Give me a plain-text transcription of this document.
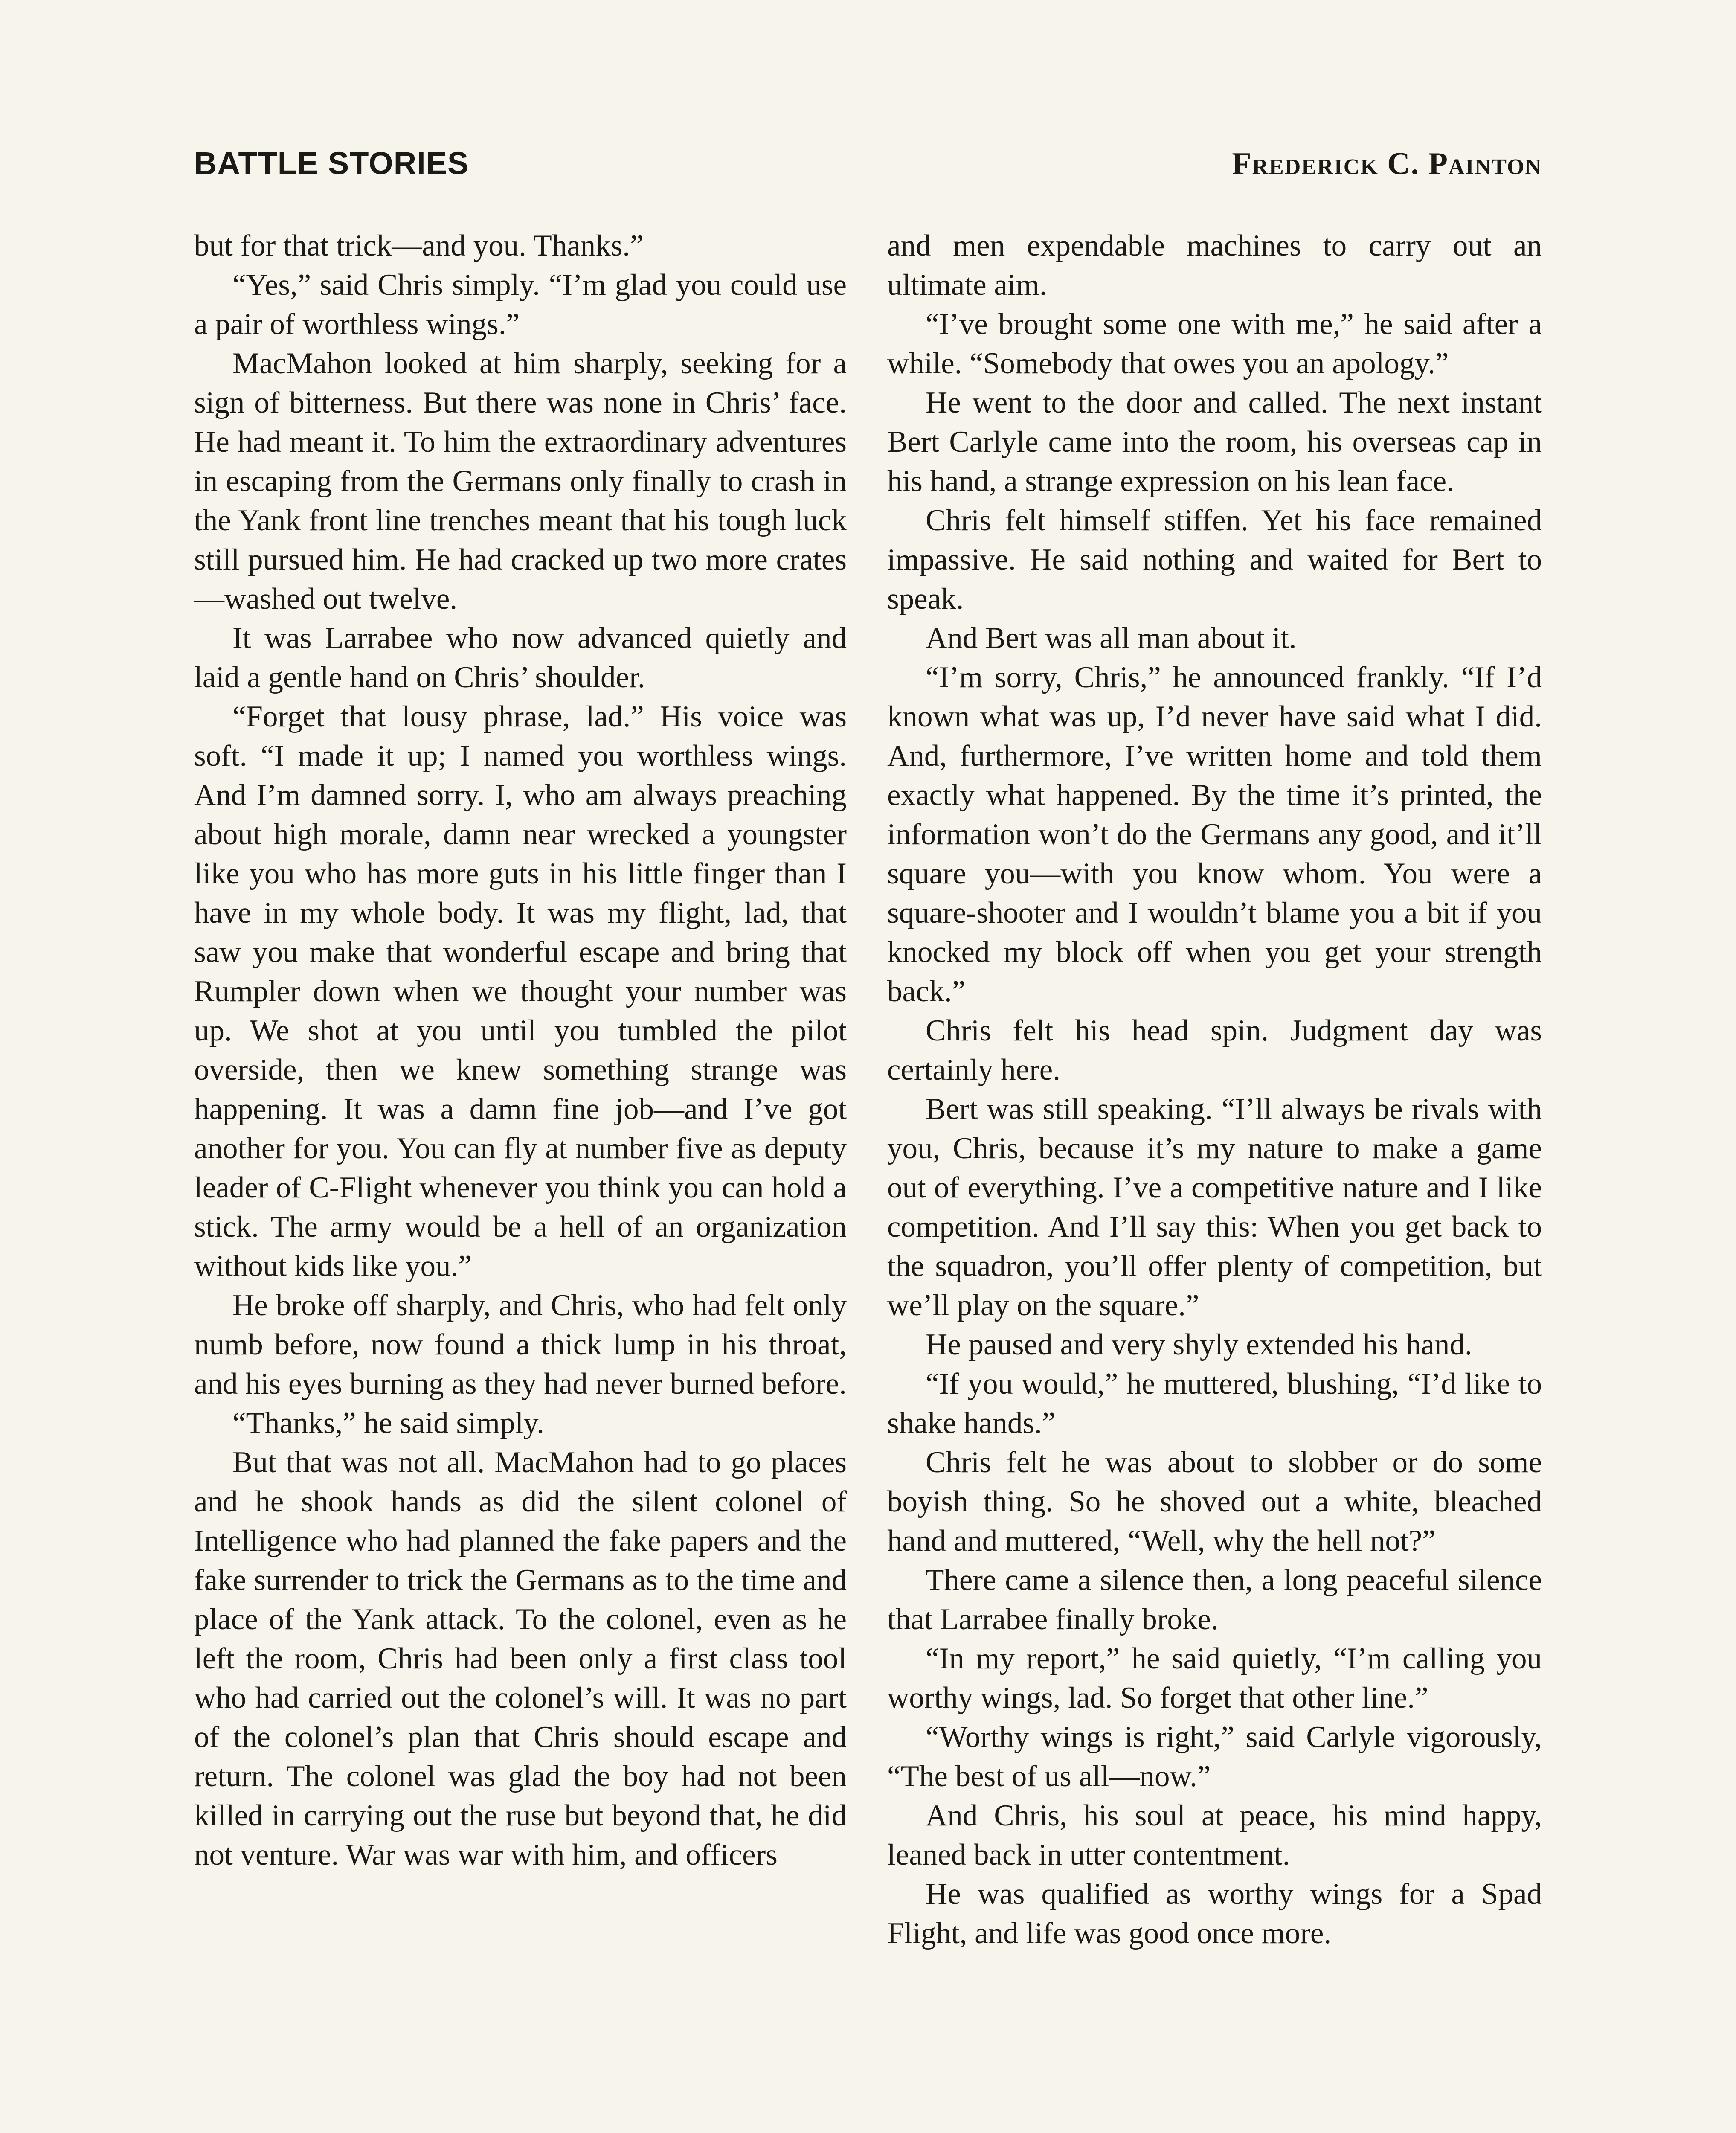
BATTLE STORIES	Frederick C. Painton

but for that trick—and you. Thanks.”

“Yes,” said Chris simply. “I’m glad you could use a pair of worthless wings.”

MacMahon looked at him sharply, seeking for a sign of bitterness. But there was none in Chris’ face. He had meant it. To him the extraordinary adventures in escaping from the Germans only finally to crash in the Yank front line trenches meant that his tough luck still pursued him. He had cracked up two more crates —washed out twelve.

It was Larrabee who now advanced quietly and laid a gentle hand on Chris’ shoulder.

“Forget that lousy phrase, lad.” His voice was soft. “I made it up; I named you worthless wings. And I’m damned sorry. I, who am always preaching about high morale, damn near wrecked a youngster like you who has more guts in his little finger than I have in my whole body. It was my flight, lad, that saw you make that wonderful escape and bring that Rumpler down when we thought your number was up. We shot at you until you tumbled the pilot overside, then we knew something strange was happening. It was a damn fine job—and I’ve got another for you. You can fly at number five as deputy leader of C-Flight whenever you think you can hold a stick. The army would be a hell of an organization without kids like you.”

He broke off sharply, and Chris, who had felt only numb before, now found a thick lump in his throat, and his eyes burning as they had never burned before.

“Thanks,” he said simply.

But that was not all. MacMahon had to go places and he shook hands as did the silent colonel of Intelligence who had planned the fake papers and the fake surrender to trick the Germans as to the time and place of the Yank attack. To the colonel, even as he left the room, Chris had been only a first class tool who had carried out the colonel’s will. It was no part of the colonel’s plan that Chris should escape and return. The colonel was glad the boy had not been killed in carrying out the ruse but beyond that, he did not venture. War was war with him, and officers

and men expendable machines to carry out an ultimate aim.

“I’ve brought some one with me,” he said after a while. “Somebody that owes you an apology.”

He went to the door and called. The next instant Bert Carlyle came into the room, his overseas cap in his hand, a strange expression on his lean face.

Chris felt himself stiffen. Yet his face remained impassive. He said nothing and waited for Bert to speak.

And Bert was all man about it.

“I’m sorry, Chris,” he announced frankly. “If I’d known what was up, I’d never have said what I did. And, furthermore, I’ve written home and told them exactly what happened. By the time it’s printed, the information won’t do the Germans any good, and it’ll square you—with you know whom. You were a square-shooter and I wouldn’t blame you a bit if you knocked my block off when you get your strength back.”

Chris felt his head spin. Judgment day was certainly here.

Bert was still speaking. “I’ll always be rivals with you, Chris, because it’s my nature to make a game out of everything. I’ve a competitive nature and I like competition. And I’ll say this: When you get back to the squadron, you’ll offer plenty of competition, but we’ll play on the square.”

He paused and very shyly extended his hand.

“If you would,” he muttered, blushing, “I’d like to shake hands.”

Chris felt he was about to slobber or do some boyish thing. So he shoved out a white, bleached hand and muttered, “Well, why the hell not?”

There came a silence then, a long peaceful silence that Larrabee finally broke.

“In my report,” he said quietly, “I’m calling you worthy wings, lad. So forget that other line.”

“Worthy wings is right,” said Carlyle vigorously, “The best of us all—now.”

And Chris, his soul at peace, his mind happy, leaned back in utter contentment.

He was qualified as worthy wings for a Spad Flight, and life was good once more.
